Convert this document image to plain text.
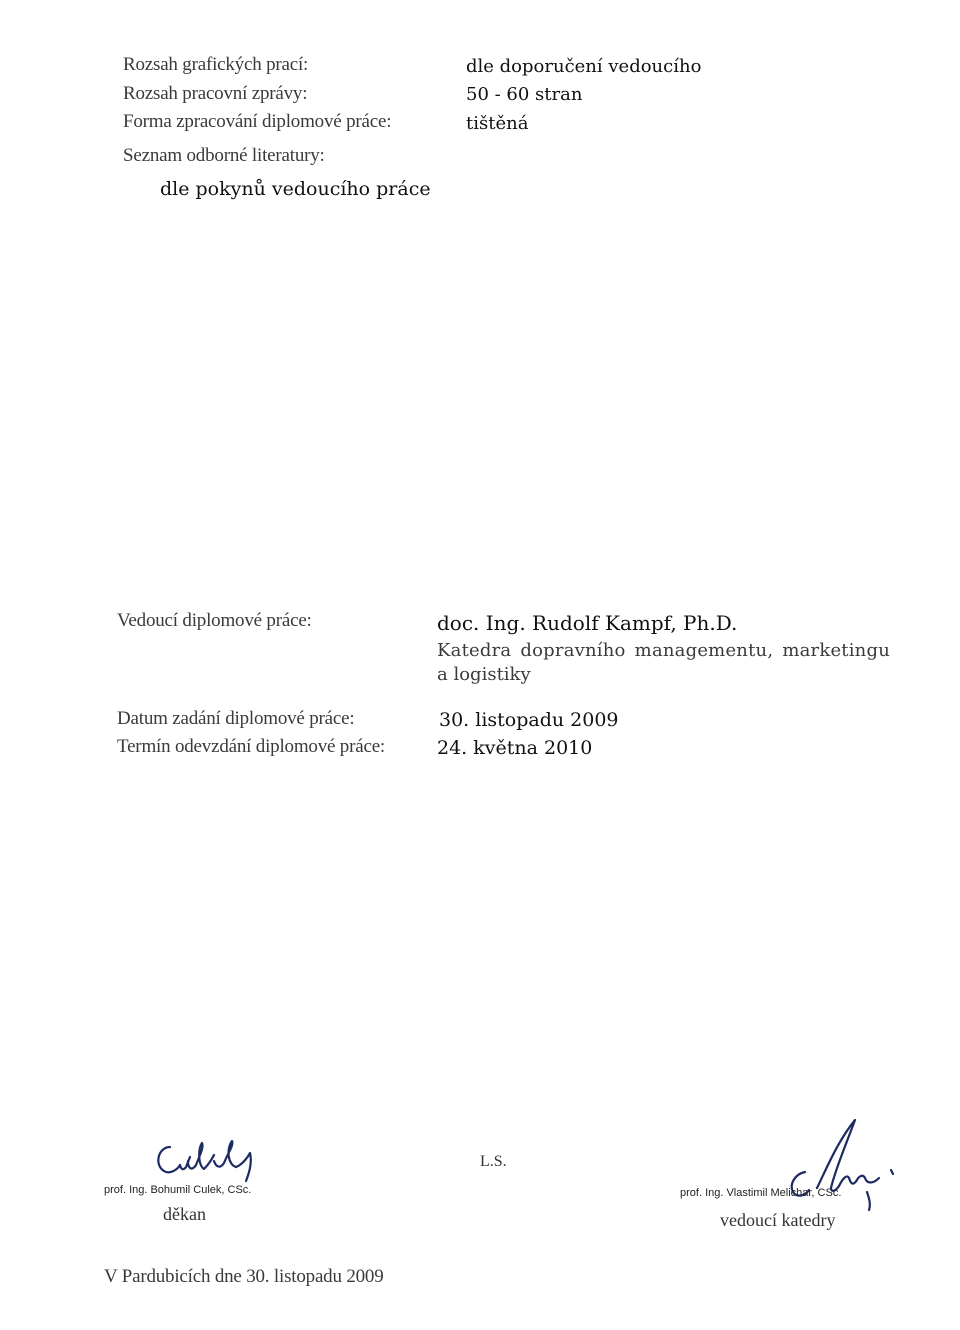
Rozsah grafických prací:	dle doporučení vedoucího
Rozsah pracovní zprávy:	50 - 60 stran
Forma zpracování diplomové práce:	tištěná
Seznam odborné literatury:
dle pokynů vedoucího práce
Vedoucí diplomové práce:	doc. Ing. Rudolf Kampf, Ph.D.
Katedra dopravního managementu, marketingu
a logistiky
Datum zadání diplomové práce:	30. listopadu 2009
Termín odevzdání diplomové práce:	24. května 2010
prof. Ing. Bohumil Culek, CSc.
děkan
L.S.
prof. Ing. Vlastimil Melichar, CSc.
vedoucí katedry
V Pardubicích dne 30. listopadu 2009
